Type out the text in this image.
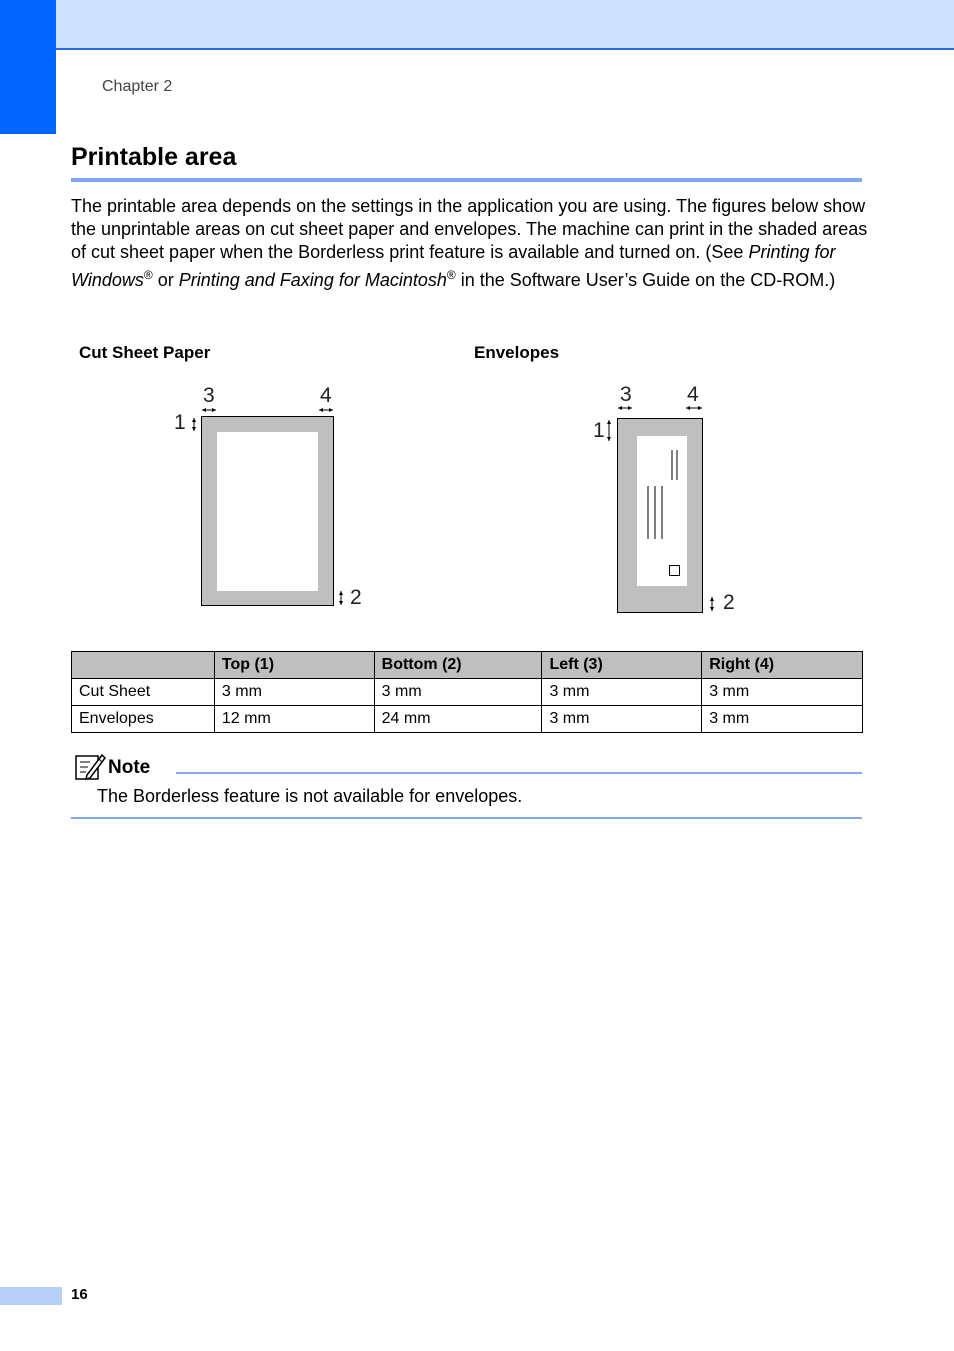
Chapter 2
Printable area

The printable area depends on the settings in the application you are using. The figures below show the unprintable areas on cut sheet paper and envelopes. The machine can print in the shaded areas of cut sheet paper when the Borderless print feature is available and turned on. (See Printing for Windows® or Printing and Faxing for Macintosh® in the Software User’s Guide on the CD-ROM.)

Cut Sheet Paper	Envelopes
3	4
1
2
3	4
1
2
	Top (1)	Bottom (2)	Left (3)	Right (4)
Cut Sheet	3 mm	3 mm	3 mm	3 mm
Envelopes	12 mm	24 mm	3 mm	3 mm
Note
The Borderless feature is not available for envelopes.
16
